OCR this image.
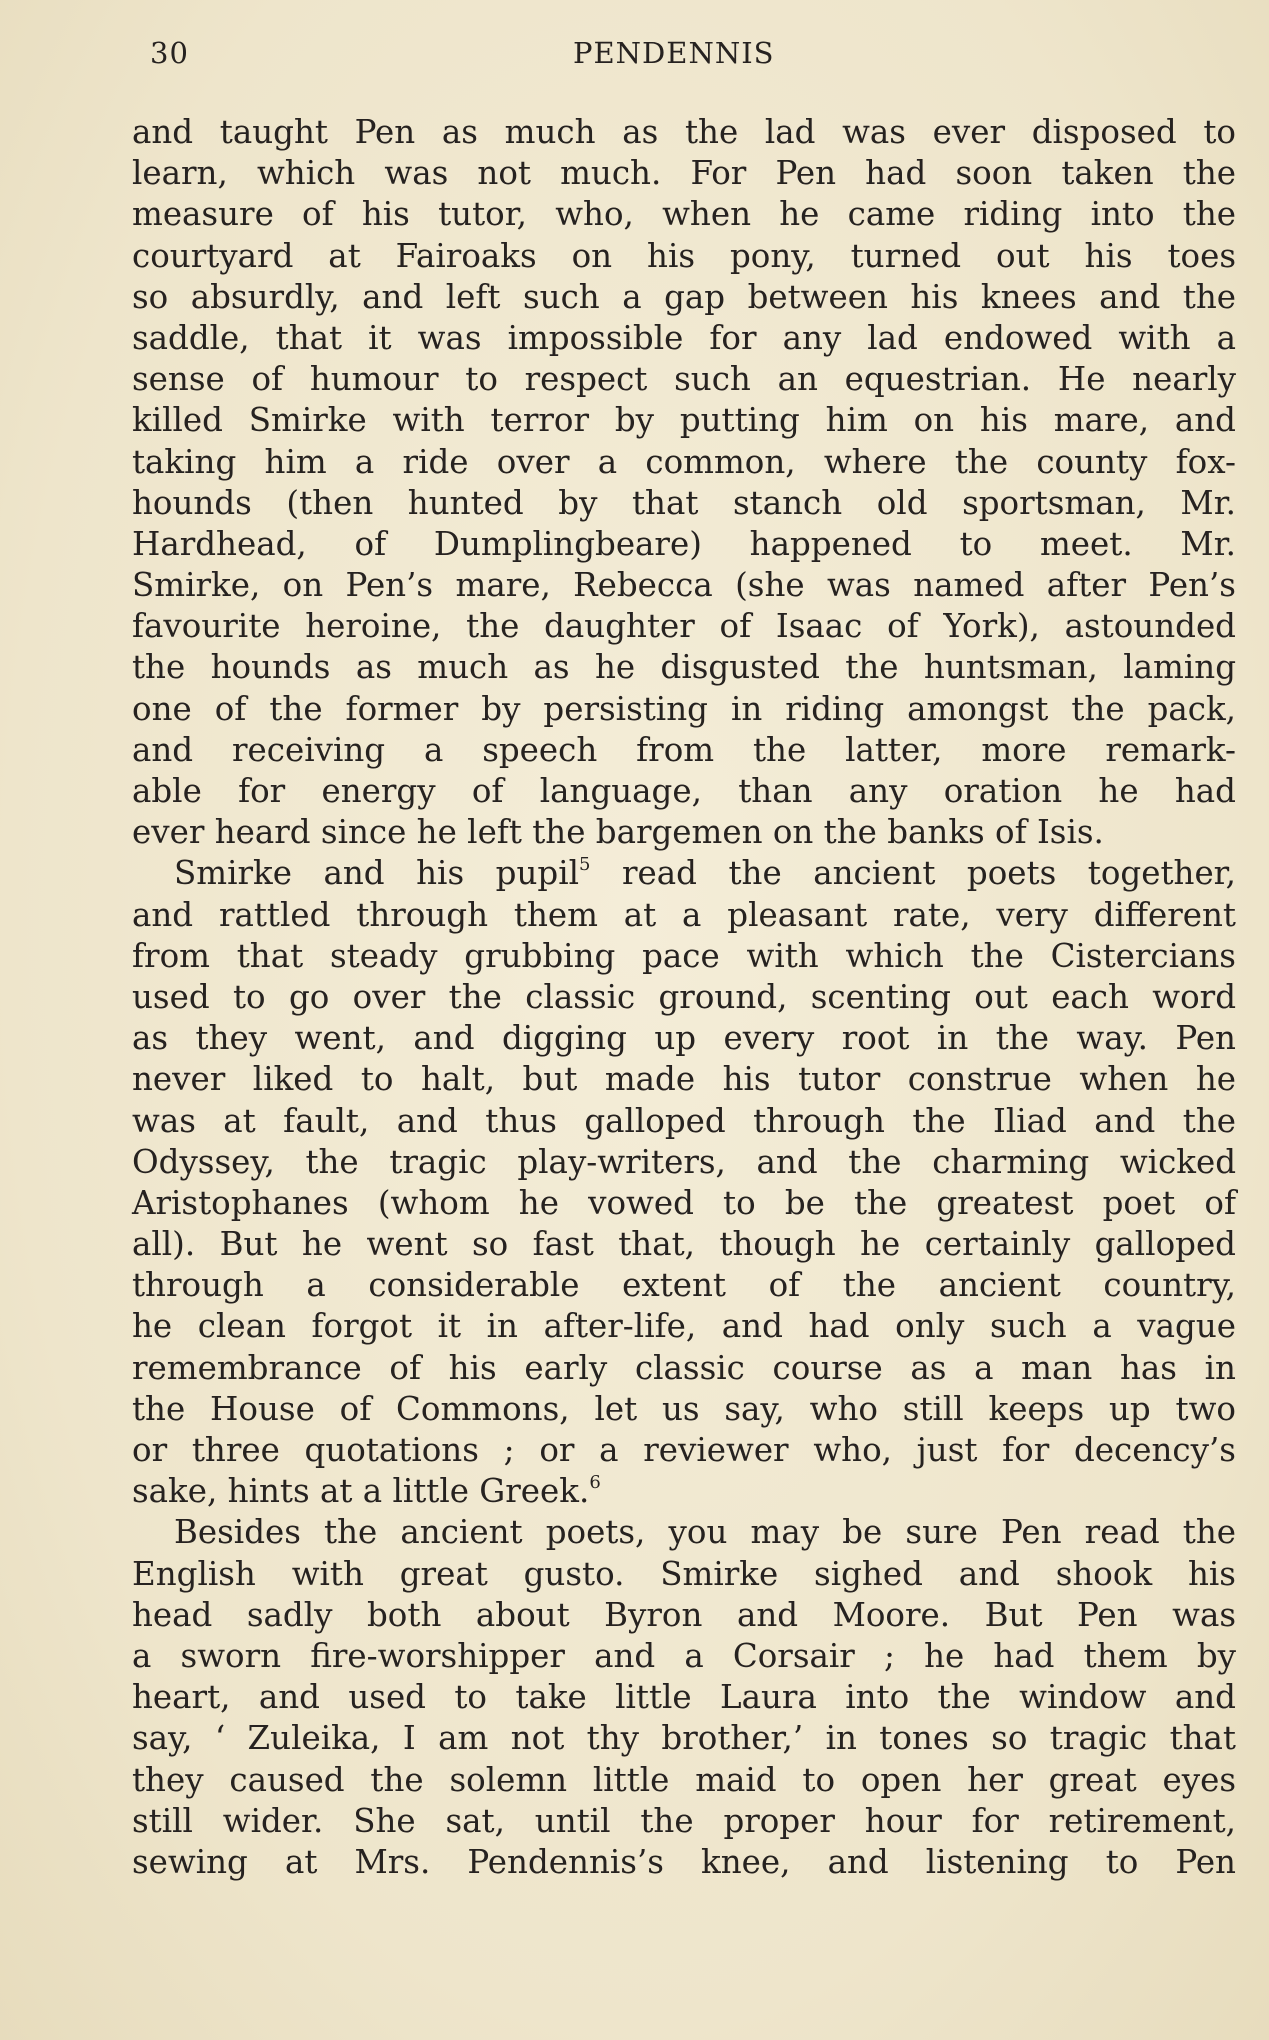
30	PENDENNIS
and taught Pen as much as the lad was ever disposed to
learn, which was not much. For Pen had soon taken the
measure of his tutor, who, when he came riding into the
courtyard at Fairoaks on his pony, turned out his toes
so absurdly, and left such a gap between his knees and the
saddle, that it was impossible for any lad endowed with a
sense of humour to respect such an equestrian. He nearly
killed Smirke with terror by putting him on his mare, and
taking him a ride over a common, where the county fox-
hounds (then hunted by that stanch old sportsman, Mr.
Hardhead, of Dumplingbeare) happened to meet. Mr.
Smirke, on Pen’s mare, Rebecca (she was named after Pen’s
favourite heroine, the daughter of Isaac of York), astounded
the hounds as much as he disgusted the huntsman, laming
one of the former by persisting in riding amongst the pack,
and receiving a speech from the latter, more remark-
able for energy of language, than any oration he had
ever heard since he left the bargemen on the banks of Isis.
Smirke and his pupil$^5$ read the ancient poets together,
and rattled through them at a pleasant rate, very different
from that steady grubbing pace with which the Cistercians
used to go over the classic ground, scenting out each word
as they went, and digging up every root in the way. Pen
never liked to halt, but made his tutor construe when he
was at fault, and thus galloped through the Iliad and the
Odyssey, the tragic play-writers, and the charming wicked
Aristophanes (whom he vowed to be the greatest poet of
all). But he went so fast that, though he certainly galloped
through a considerable extent of the ancient country,
he clean forgot it in after-life, and had only such a vague
remembrance of his early classic course as a man has in
the House of Commons, let us say, who still keeps up two
or three quotations ; or a reviewer who, just for decency’s
sake, hints at a little Greek.$^6$
Besides the ancient poets, you may be sure Pen read the
English with great gusto. Smirke sighed and shook his
head sadly both about Byron and Moore. But Pen was
a sworn fire-worshipper and a Corsair ; he had them by
heart, and used to take little Laura into the window and
say, ‘ Zuleika, I am not thy brother,’ in tones so tragic that
they caused the solemn little maid to open her great eyes
still wider. She sat, until the proper hour for retirement,
sewing at Mrs. Pendennis’s knee, and listening to Pen
